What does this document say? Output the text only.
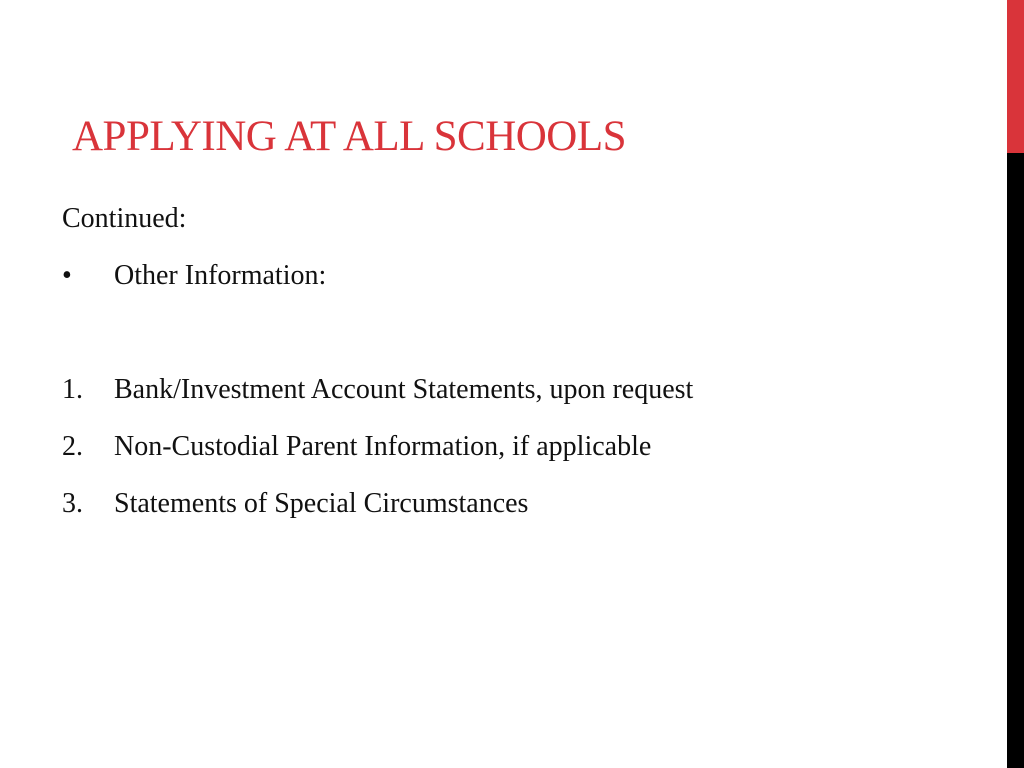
APPLYING AT ALL SCHOOLS
Continued:
•	Other Information:
1.	Bank/Investment Account Statements, upon request
2.	Non-Custodial Parent Information, if applicable
3.	Statements of Special Circumstances
